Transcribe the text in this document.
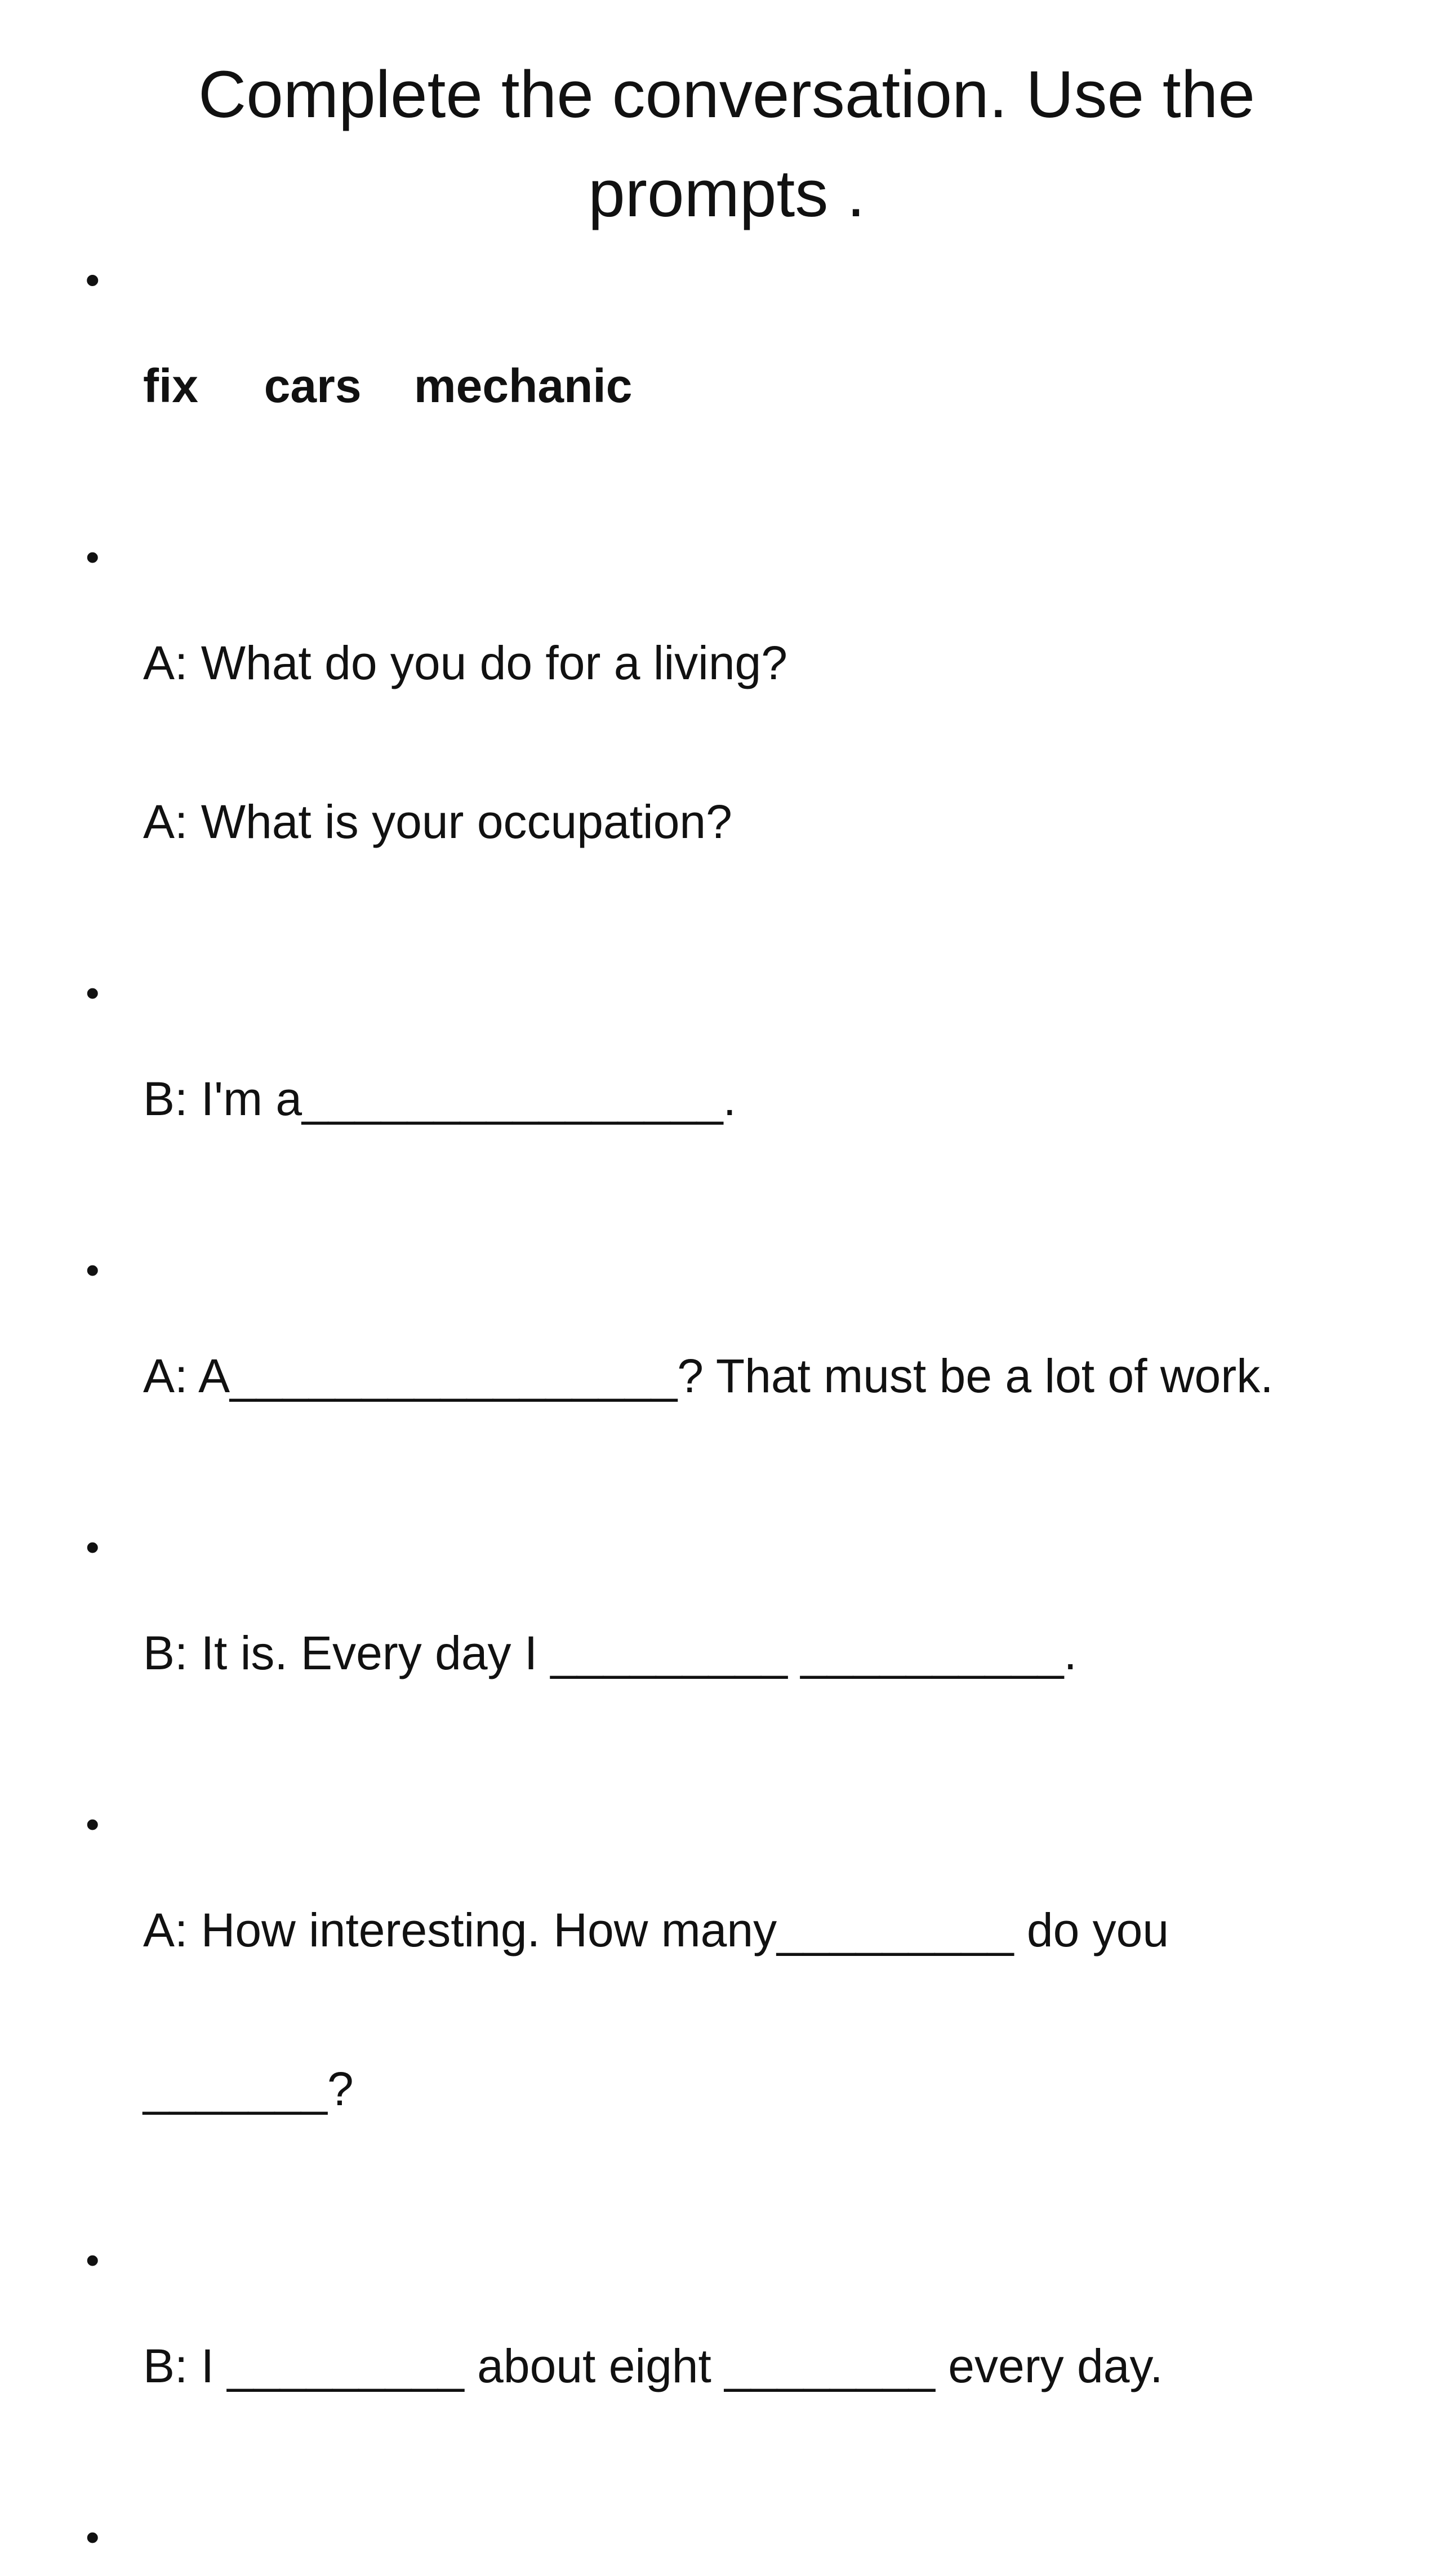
Complete the conversation. Use the prompts .

• fix     cars    mechanic

• A: What do you do for a living?

A: What is your occupation?

• B: I'm a________________.

• A: A_________________? That must be a lot of work.

• B: It is. Every day I _________ __________.

• A: How interesting. How many_________ do you

_______?

• B: I _________ about eight ________ every day.

•
